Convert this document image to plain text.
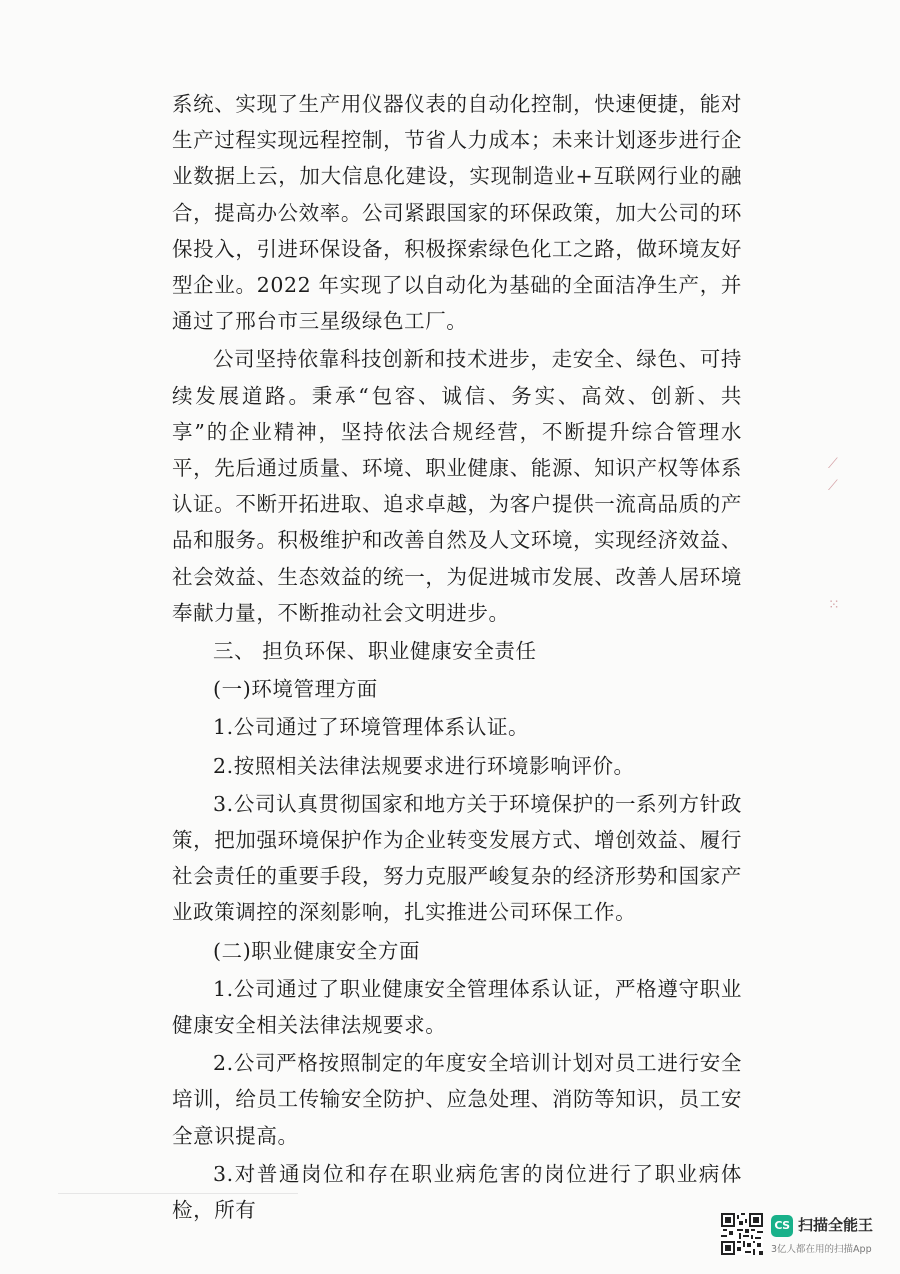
系统、实现了生产用仪器仪表的自动化控制，快速便捷，能对生产过程实现远程控制，节省人力成本；未来计划逐步进行企业数据上云，加大信息化建设，实现制造业+互联网行业的融合，提高办公效率。公司紧跟国家的环保政策，加大公司的环保投入，引进环保设备，积极探索绿色化工之路，做环境友好型企业。2022 年实现了以自动化为基础的全面洁净生产，并通过了邢台市三星级绿色工厂。

公司坚持依靠科技创新和技术进步，走安全、绿色、可持续发展道路。秉承“包容、诚信、务实、高效、创新、共享”的企业精神，坚持依法合规经营，不断提升综合管理水平，先后通过质量、环境、职业健康、能源、知识产权等体系认证。不断开拓进取、追求卓越，为客户提供一流高品质的产品和服务。积极维护和改善自然及人文环境，实现经济效益、社会效益、生态效益的统一，为促进城市发展、改善人居环境奉献力量，不断推动社会文明进步。

三、 担负环保、职业健康安全责任

(一)环境管理方面

1.公司通过了环境管理体系认证。

2.按照相关法律法规要求进行环境影响评价。

3.公司认真贯彻国家和地方关于环境保护的一系列方针政策，把加强环境保护作为企业转变发展方式、增创效益、履行社会责任的重要手段，努力克服严峻复杂的经济形势和国家产业政策调控的深刻影响，扎实推进公司环保工作。

(二)职业健康安全方面

1.公司通过了职业健康安全管理体系认证，严格遵守职业健康安全相关法律法规要求。

2.公司严格按照制定的年度安全培训计划对员工进行安全培训，给员工传输安全防护、应急处理、消防等知识，员工安全意识提高。

3.对普通岗位和存在职业病危害的岗位进行了职业病体检，所有

⟋
⟋
⁙
CS 扫描全能王
3亿人都在用的扫描App
